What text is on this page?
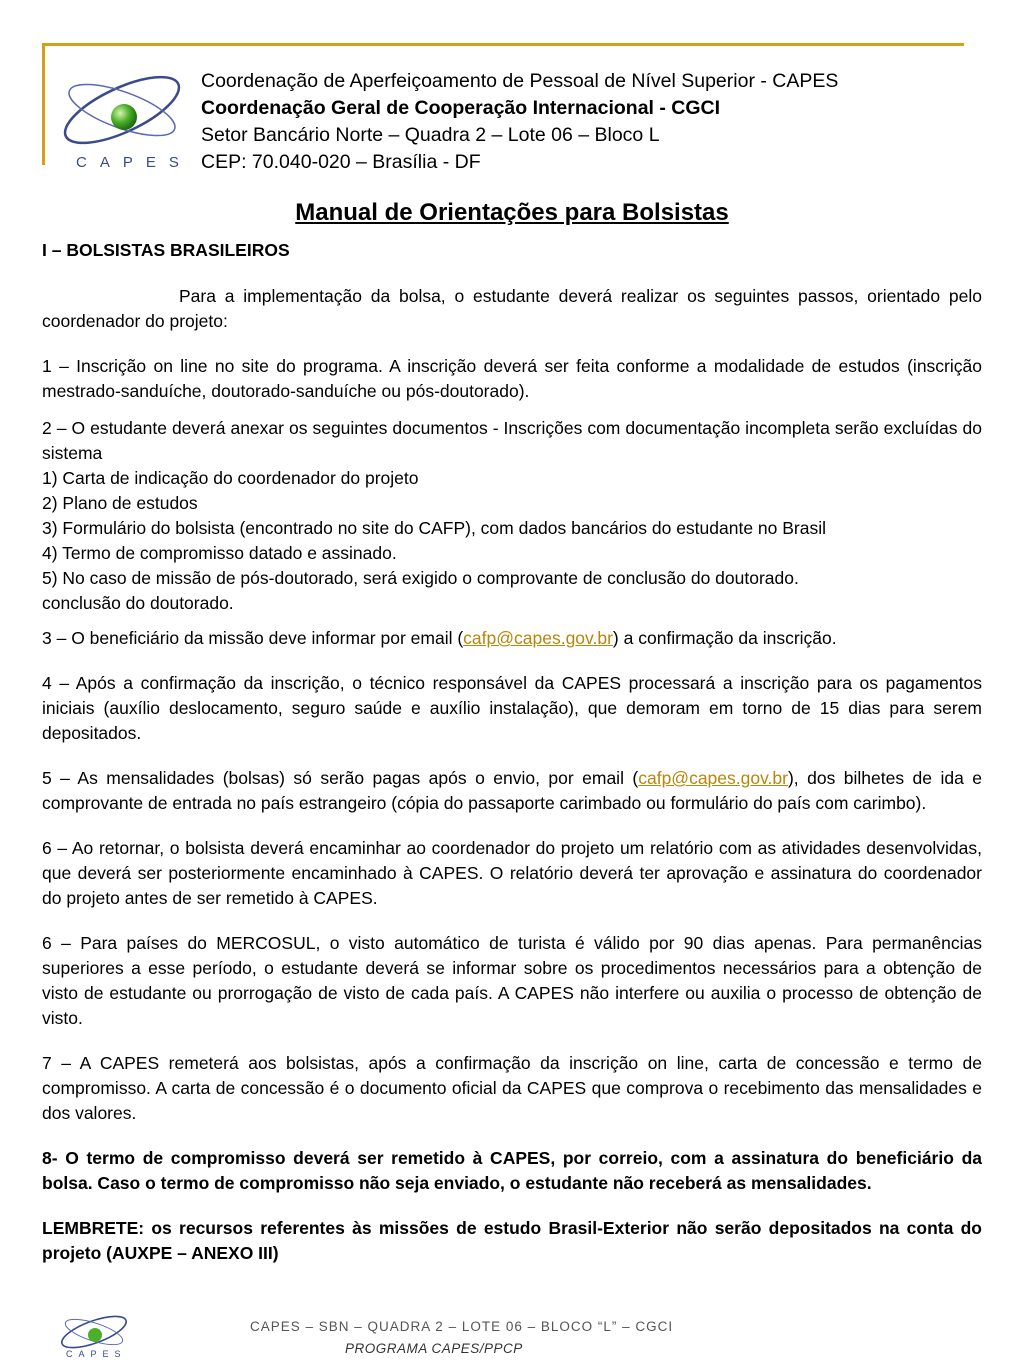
CAPES
Coordenação de Aperfeiçoamento de Pessoal de Nível Superior - CAPES
Coordenação Geral de Cooperação Internacional - CGCI
Setor Bancário Norte – Quadra 2 – Lote 06 – Bloco L
CEP: 70.040-020 – Brasília - DF
Manual de Orientações para Bolsistas

I – BOLSISTAS BRASILEIROS

Para a implementação da bolsa, o estudante deverá realizar os seguintes passos, orientado pelo coordenador do projeto:

1 – Inscrição on line no site do programa. A inscrição deverá ser feita conforme a modalidade de estudos (inscrição mestrado-sanduíche, doutorado-sanduíche ou pós-doutorado).

2 – O estudante deverá anexar os seguintes documentos - Inscrições com documentação incompleta serão excluídas do sistema

1) Carta de indicação do coordenador do projeto

2) Plano de estudos

3) Formulário do bolsista (encontrado no site do CAFP), com dados bancários do estudante no Brasil

4) Termo de compromisso datado e assinado.

5) No caso de missão de pós-doutorado, será exigido o comprovante de conclusão do doutorado.

conclusão do doutorado.

3 – O beneficiário da missão deve informar por email (cafp@capes.gov.br) a confirmação da inscrição.

4 – Após a confirmação da inscrição, o técnico responsável da CAPES processará a inscrição para os pagamentos iniciais (auxílio deslocamento, seguro saúde e auxílio instalação), que demoram em torno de 15 dias para serem depositados.

5 – As mensalidades (bolsas) só serão pagas após o envio, por email (cafp@capes.gov.br), dos bilhetes de ida e comprovante de entrada no país estrangeiro (cópia do passaporte carimbado ou formulário do país com carimbo).

6 – Ao retornar, o bolsista deverá encaminhar ao coordenador do projeto um relatório com as atividades desenvolvidas, que deverá ser posteriormente encaminhado à CAPES. O relatório deverá ter aprovação e assinatura do coordenador do projeto antes de ser remetido à CAPES.

6 – Para países do MERCOSUL, o visto automático de turista é válido por 90 dias apenas. Para permanências superiores a esse período, o estudante deverá se informar sobre os procedimentos necessários para a obtenção de visto de estudante ou prorrogação de visto de cada país. A CAPES não interfere ou auxilia o processo de obtenção de visto.

7 – A CAPES remeterá aos bolsistas, após a confirmação da inscrição on line, carta de concessão e termo de compromisso. A carta de concessão é o documento oficial da CAPES que comprova o recebimento das mensalidades e dos valores.

8- O termo de compromisso deverá ser remetido à CAPES, por correio, com a assinatura do beneficiário da bolsa. Caso o termo de compromisso não seja enviado, o estudante não receberá as mensalidades.

LEMBRETE: os recursos referentes às missões de estudo Brasil-Exterior não serão depositados na conta do projeto (AUXPE – ANEXO III)

CAPES
CAPES – SBN – QUADRA 2 – LOTE 06 – BLOCO “L” – CGCI
PROGRAMA CAPES/PPCP
